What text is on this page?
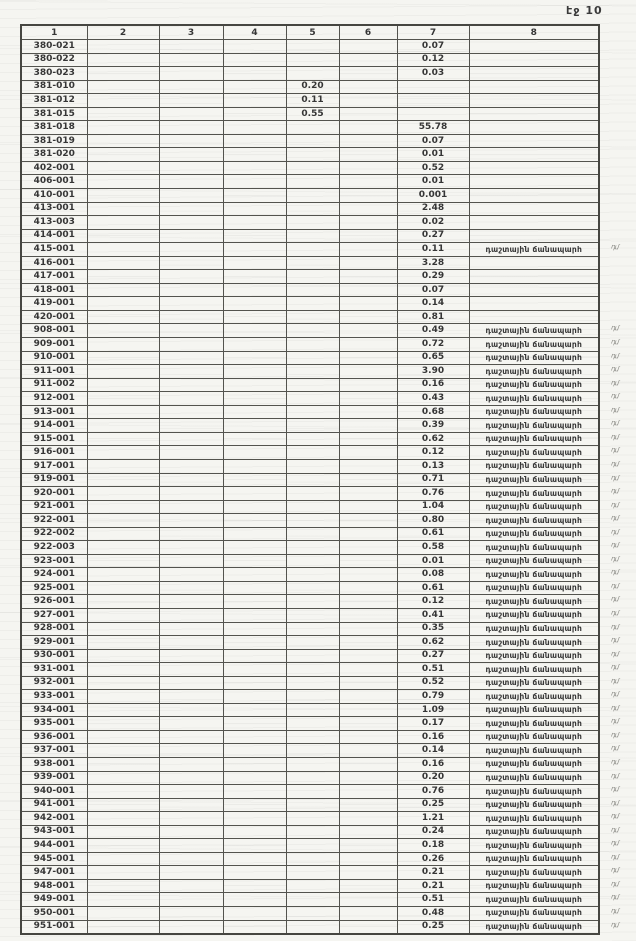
էջ 10
1	2	3	4	5	6	7	8
380-021						0.07	
380-022						0.12	
380-023						0.03	
381-010				0.20			
381-012				0.11			
381-015				0.55			
381-018						55.78	
381-019						0.07	
381-020						0.01	
402-001						0.52	
406-001						0.01	
410-001						0.001	
413-001						2.48	
413-003						0.02	
414-001						0.27	
415-001						0.11	դաշտային ճանապարհ դմ

416-001						3.28	
417-001						0.29	
418-001						0.07	
419-001						0.14	
420-001						0.81	
908-001						0.49	դաշտային ճանապարհ դմ

909-001						0.72	դաշտային ճանապարհ դմ

910-001						0.65	դաշտային ճանապարհ դմ

911-001						3.90	դաշտային ճանապարհ դմ

911-002						0.16	դաշտային ճանապարհ դմ

912-001						0.43	դաշտային ճանապարհ դմ

913-001						0.68	դաշտային ճանապարհ դմ

914-001						0.39	դաշտային ճանապարհ դմ

915-001						0.62	դաշտային ճանապարհ դմ

916-001						0.12	դաշտային ճանապարհ դմ

917-001						0.13	դաշտային ճանապարհ դմ

919-001						0.71	դաշտային ճանապարհ դմ

920-001						0.76	դաշտային ճանապարհ դմ

921-001						1.04	դաշտային ճանապարհ դմ

922-001						0.80	դաշտային ճանապարհ դմ

922-002						0.61	դաշտային ճանապարհ դմ

922-003						0.58	դաշտային ճանապարհ դմ

923-001						0.01	դաշտային ճանապարհ դմ

924-001						0.08	դաշտային ճանապարհ դմ

925-001						0.61	դաշտային ճանապարհ դմ

926-001						0.12	դաշտային ճանապարհ դմ

927-001						0.41	դաշտային ճանապարհ դմ

928-001						0.35	դաշտային ճանապարհ դմ

929-001						0.62	դաշտային ճանապարհ դմ

930-001						0.27	դաշտային ճանապարհ դմ

931-001						0.51	դաշտային ճանապարհ դմ

932-001						0.52	դաշտային ճանապարհ դմ

933-001						0.79	դաշտային ճանապարհ դմ

934-001						1.09	դաշտային ճանապարհ դմ

935-001						0.17	դաշտային ճանապարհ դմ

936-001						0.16	դաշտային ճանապարհ դմ

937-001						0.14	դաշտային ճանապարհ դմ

938-001						0.16	դաշտային ճանապարհ դմ

939-001						0.20	դաշտային ճանապարհ դմ

940-001						0.76	դաշտային ճանապարհ դմ

941-001						0.25	դաշտային ճանապարհ դմ

942-001						1.21	դաշտային ճանապարհ դմ

943-001						0.24	դաշտային ճանապարհ դմ

944-001						0.18	դաշտային ճանապարհ դմ

945-001						0.26	դաշտային ճանապարհ դմ

947-001						0.21	դաշտային ճանապարհ դմ

948-001						0.21	դաշտային ճանապարհ դմ

949-001						0.51	դաշտային ճանապարհ դմ

950-001						0.48	դաշտային ճանապարհ դմ

951-001						0.25	դաշտային ճանապարհ դմ
